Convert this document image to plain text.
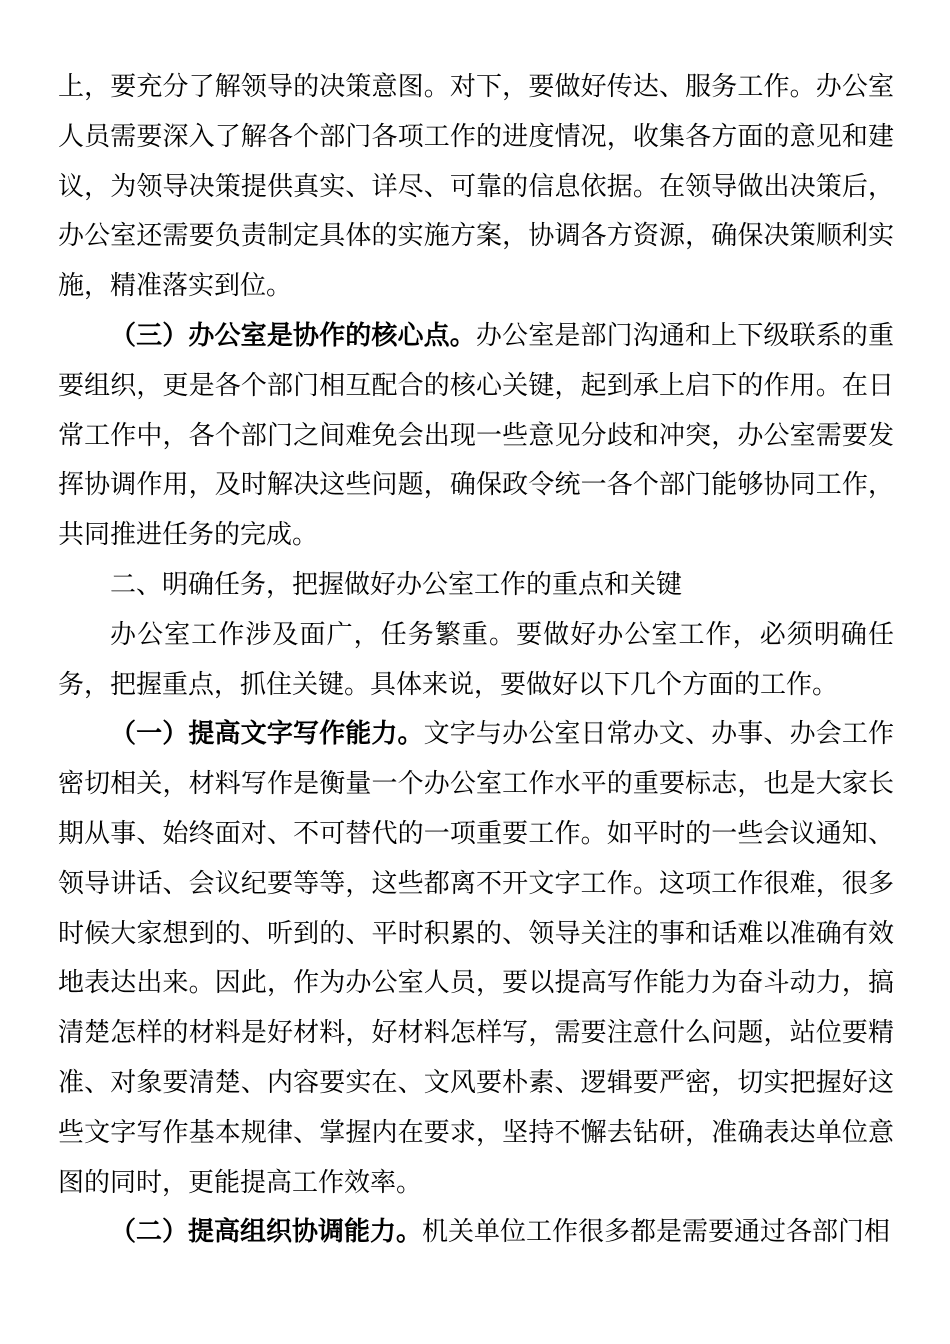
上，要充分了解领导的决策意图。对下，要做好传达、服务工作。办公室人员需要深入了解各个部门各项工作的进度情况，收集各方面的意见和建议，为领导决策提供真实、详尽、可靠的信息依据。在领导做出决策后，办公室还需要负责制定具体的实施方案，协调各方资源，确保决策顺利实施，精准落实到位。

（三）办公室是协作的核心点。办公室是部门沟通和上下级联系的重要组织，更是各个部门相互配合的核心关键，起到承上启下的作用。在日常工作中，各个部门之间难免会出现一些意见分歧和冲突，办公室需要发挥协调作用，及时解决这些问题，确保政令统一各个部门能够协同工作，共同推进任务的完成。

二、明确任务，把握做好办公室工作的重点和关键

办公室工作涉及面广，任务繁重。要做好办公室工作，必须明确任务，把握重点，抓住关键。具体来说，要做好以下几个方面的工作。

（一）提高文字写作能力。文字与办公室日常办文、办事、办会工作密切相关，材料写作是衡量一个办公室工作水平的重要标志，也是大家长期从事、始终面对、不可替代的一项重要工作。如平时的一些会议通知、领导讲话、会议纪要等等，这些都离不开文字工作。这项工作很难，很多时候大家想到的、听到的、平时积累的、领导关注的事和话难以准确有效地表达出来。因此，作为办公室人员，要以提高写作能力为奋斗动力，搞清楚怎样的材料是好材料，好材料怎样写，需要注意什么问题，站位要精准、对象要清楚、内容要实在、文风要朴素、逻辑要严密，切实把握好这些文字写作基本规律、掌握内在要求，坚持不懈去钻研，准确表达单位意图的同时，更能提高工作效率。

（二）提高组织协调能力。机关单位工作很多都是需要通过各部门相
